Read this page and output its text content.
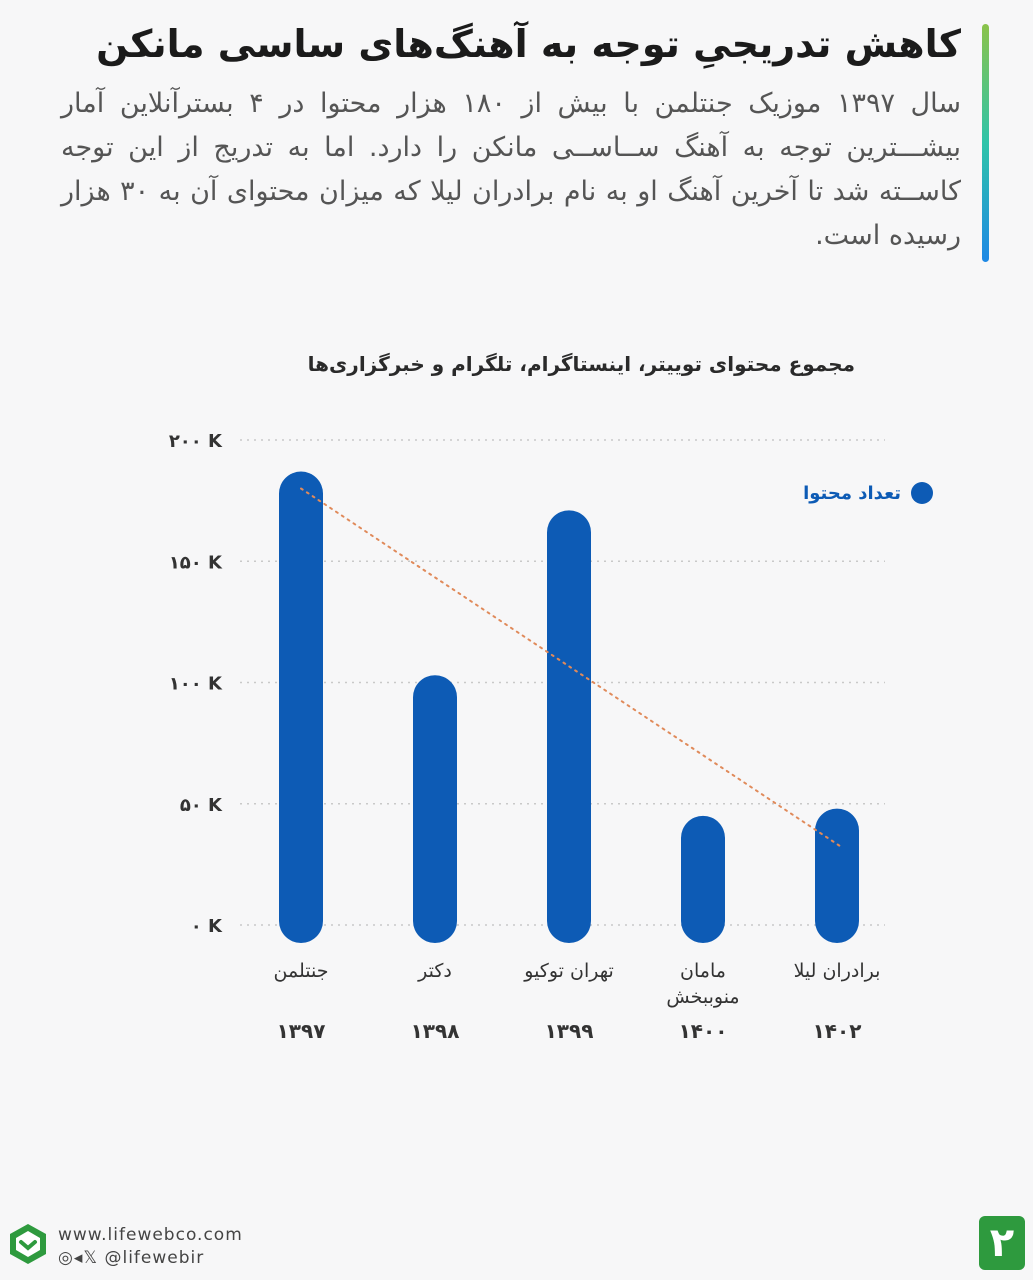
کاهش تدریجیِ توجه به آهنگ‌های ساسی مانکن

سال ۱۳۹۷ موزیک جنتلمن با بیش از ۱۸۰ هزار محتوا در ۴ بسترآنلاین آمار بیشـــترین توجه به آهنگ ســاســی مانکن را دارد. اما به تدریج از این توجه کاســته شد تا آخرین آهنگ او به نام برادران لیلا که میزان محتوای آن به ۳۰ هزار رسیده است.

مجموع محتوای توییتر، اینستاگرام، تلگرام و خبرگزاری‌ها
۰ K
۵۰ K
۱۰۰ K
۱۵۰ K
۲۰۰ K
تعداد محتوا
جنتلمن
۱۳۹۷
دکتر
۱۳۹۸
تهران توکیو
۱۳۹۹
مامان
منوببخش
۱۴۰۰
برادران لیلا
۱۴۰۲
www.lifewebco.com
◎◂𝕏 @lifewebir	۲
